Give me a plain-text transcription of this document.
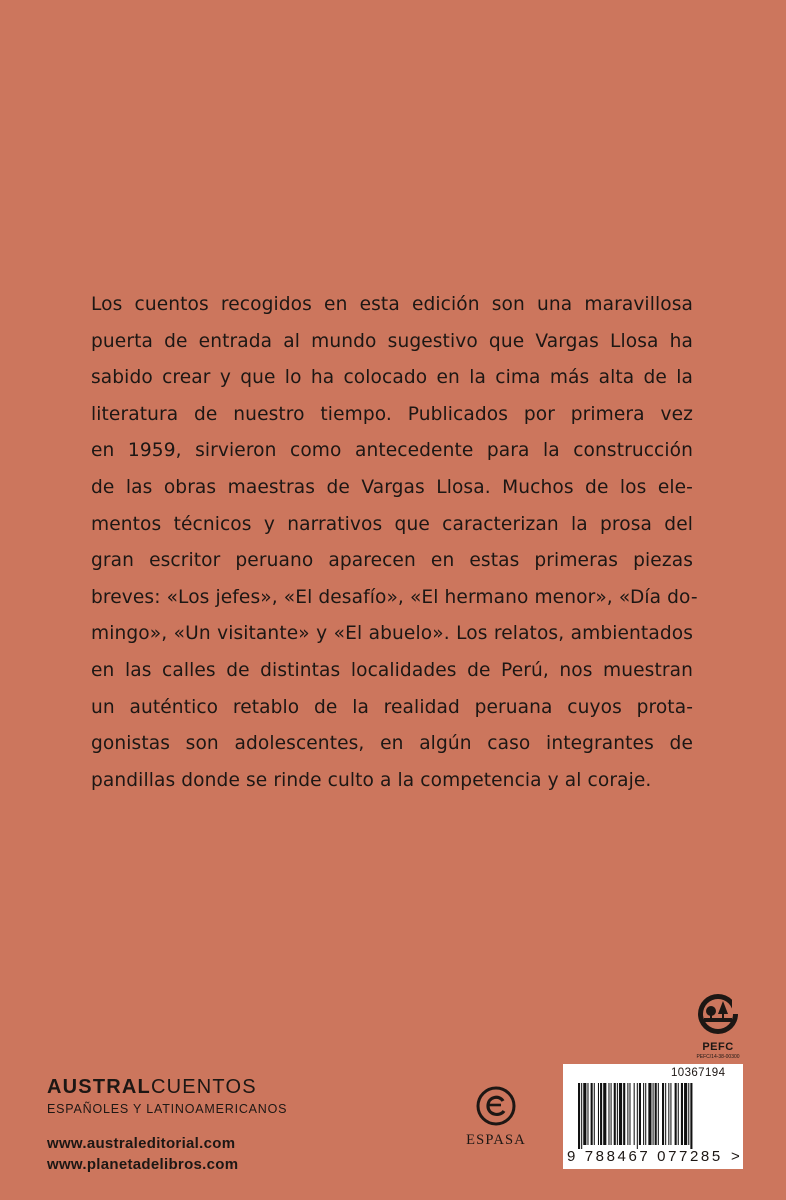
Los cuentos recogidos en esta edición son una maravillosa
puerta de entrada al mundo sugestivo que Vargas Llosa ha
sabido crear y que lo ha colocado en la cima más alta de la
literatura de nuestro tiempo. Publicados por primera vez
en 1959, sirvieron como antecedente para la construcción
de las obras maestras de Vargas Llosa. Muchos de los ele-
mentos técnicos y narrativos que caracterizan la prosa del
gran escritor peruano aparecen en estas primeras piezas
breves: «Los jefes», «El desafío», «El hermano menor», «Día do-
mingo», «Un visitante» y «El abuelo». Los relatos, ambientados
en las calles de distintas localidades de Perú, nos muestran
un auténtico retablo de la realidad peruana cuyos prota-
gonistas son adolescentes, en algún caso integrantes de
pandillas donde se rinde culto a la competencia y al coraje.
AUSTRALCUENTOS
ESPAÑOLES Y LATINOAMERICANOS
www.australeditorial.com
www.planetadelibros.com
ESPASA
PEFC
PEFC/14-38-00300
10367194
9 788467 077285 >
